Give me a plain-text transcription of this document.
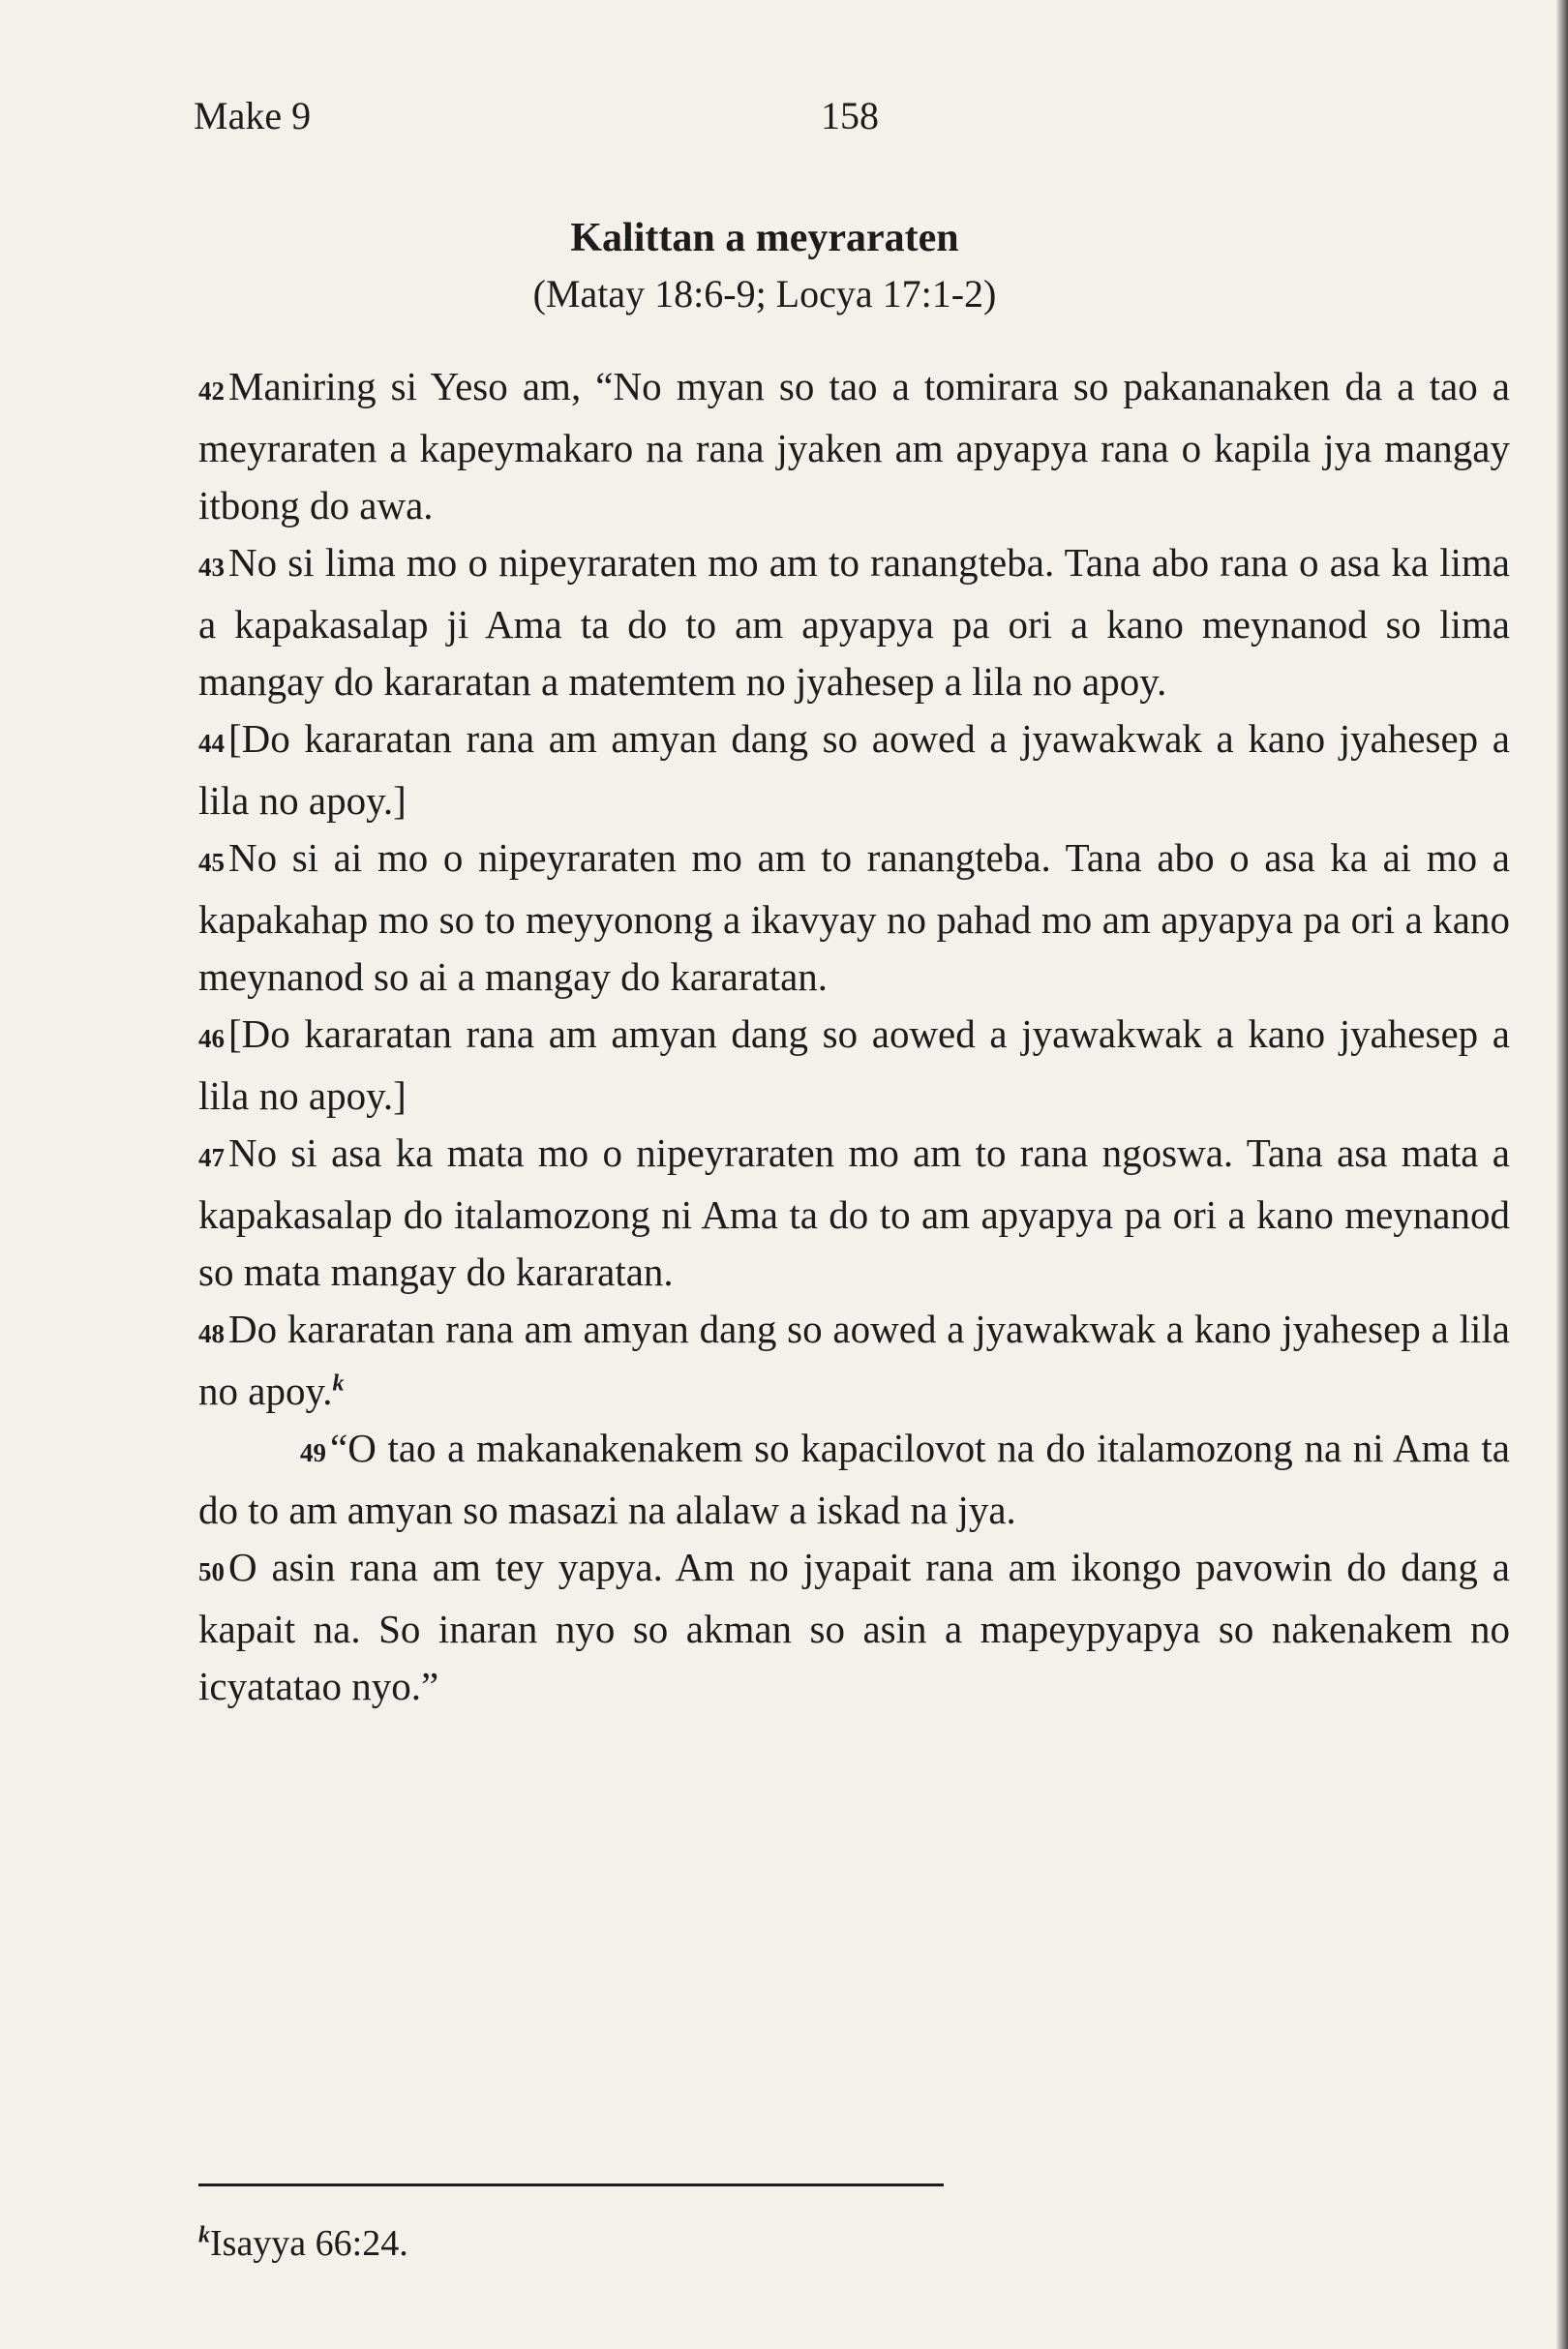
Make 9	158
Kalittan a meyraraten
(Matay 18:6-9; Locya 17:1-2)

42Maniring si Yeso am, “No myan so tao a tomirara so pakananaken da a tao a meyraraten a kapeymakaro na rana jyaken am apyapya rana o kapila jya mangay itbong do awa.

43No si lima mo o nipeyraraten mo am to ranangteba. Tana abo rana o asa ka lima a kapakasalap ji Ama ta do to am apyapya pa ori a kano meynanod so lima mangay do kararatan a matemtem no jyahesep a lila no apoy.

44[Do kararatan rana am amyan dang so aowed a jyawakwak a kano jyahesep a lila no apoy.]

45No si ai mo o nipeyraraten mo am to ranangteba. Tana abo o asa ka ai mo a kapakahap mo so to meyyonong a ikavyay no pahad mo am apyapya pa ori a kano meynanod so ai a mangay do kararatan.

46[Do kararatan rana am amyan dang so aowed a jyawakwak a kano jyahesep a lila no apoy.]

47No si asa ka mata mo o nipeyraraten mo am to rana ngoswa. Tana asa mata a kapakasalap do italamozong ni Ama ta do to am apyapya pa ori a kano meynanod so mata mangay do kararatan.

48Do kararatan rana am amyan dang so aowed a jyawakwak a kano jyahesep a lila no apoy.$^k$

49“O tao a makanakenakem so kapacilovot na do italamozong na ni Ama ta do to am amyan so masazi na alalaw a iskad na jya.

50O asin rana am tey yapya. Am no jyapait rana am ikongo pavowin do dang a kapait na. So inaran nyo so akman so asin a mapeypyapya so nakenakem no icyatatao nyo.”

$^k$Isayya 66:24.
